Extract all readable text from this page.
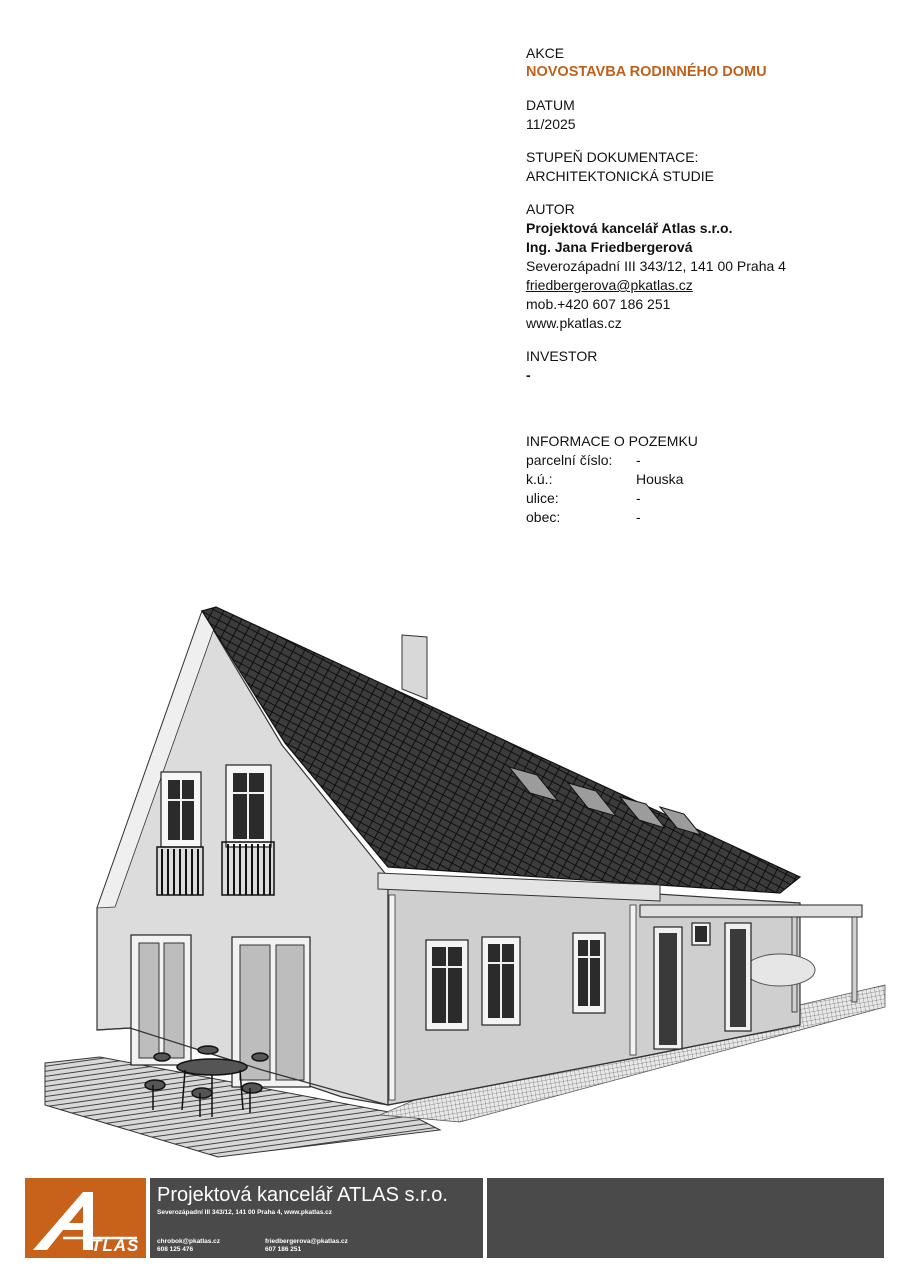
AKCE
NOVOSTAVBA RODINNÉHO DOMU
DATUM
11/2025
STUPEŇ DOKUMENTACE:
ARCHITEKTONICKÁ STUDIE
AUTOR
Projektová kancelář Atlas s.r.o.
Ing. Jana Friedbergerová
Severozápadní III 343/12, 141 00 Praha 4
friedbergerova@pkatlas.cz
mob.+420 607 186 251
www.pkatlas.cz
INVESTOR
-
INFORMACE O POZEMKU
parcelní číslo:	-
k.ú.:	Houska
ulice:	-
obec:	-
TLAS
Projektová kancelář ATLAS s.r.o.
Severozápadní III 343/12, 141 00 Praha 4, www.pkatlas.cz
chrobok@pkatlas.cz
608 125 476
friedbergerova@pkatlas.cz
607 186 251
